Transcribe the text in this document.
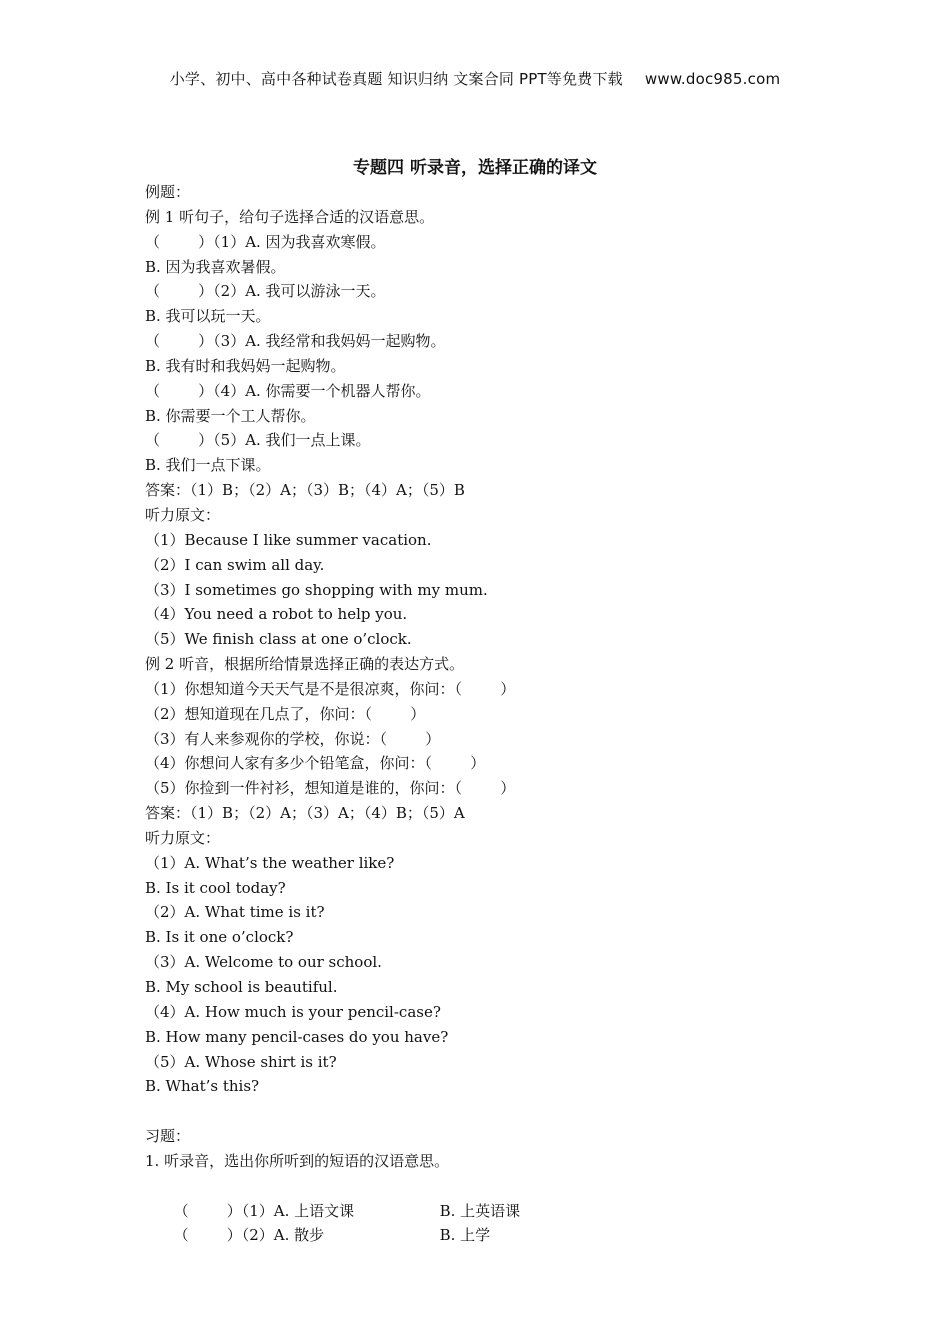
小学、初中、高中各种试卷真题 知识归纳 文案合同 PPT等免费下载 www.doc985.com
专题四 听录音，选择正确的译文
例题：
例 1 听句子，给句子选择合适的汉语意思。
（        ）（1）A. 因为我喜欢寒假。
B. 因为我喜欢暑假。
（        ）（2）A. 我可以游泳一天。
B. 我可以玩一天。
（        ）（3）A. 我经常和我妈妈一起购物。
B. 我有时和我妈妈一起购物。
（        ）（4）A. 你需要一个机器人帮你。
B. 你需要一个工人帮你。
（        ）（5）A. 我们一点上课。
B. 我们一点下课。
答案：（1）B；（2）A；（3）B；（4）A；（5）B
听力原文：
（1）Because I like summer vacation.
（2）I can swim all day.
（3）I sometimes go shopping with my mum.
（4）You need a robot to help you.
（5）We finish class at one o’clock.
例 2 听音，根据所给情景选择正确的表达方式。
（1）你想知道今天天气是不是很凉爽，你问：（        ）
（2）想知道现在几点了，你问：（        ）
（3）有人来参观你的学校，你说：（        ）
（4）你想问人家有多少个铅笔盒，你问：（        ）
（5）你捡到一件衬衫，想知道是谁的，你问：（        ）
答案：（1）B；（2）A；（3）A；（4）B；（5）A
听力原文：
（1）A. What’s the weather like?
B. Is it cool today?
（2）A. What time is it?
B. Is it one o’clock?
（3）A. Welcome to our school.
B. My school is beautiful.
（4）A. How much is your pencil-case?
B. How many pencil-cases do you have?
（5）A. Whose shirt is it?
B. What’s this?
习题：
1. 听录音，选出你所听到的短语的汉语意思。

（        ）（1）A. 上语文课	B. 上英语课

（        ）（2）A. 散步	B. 上学
